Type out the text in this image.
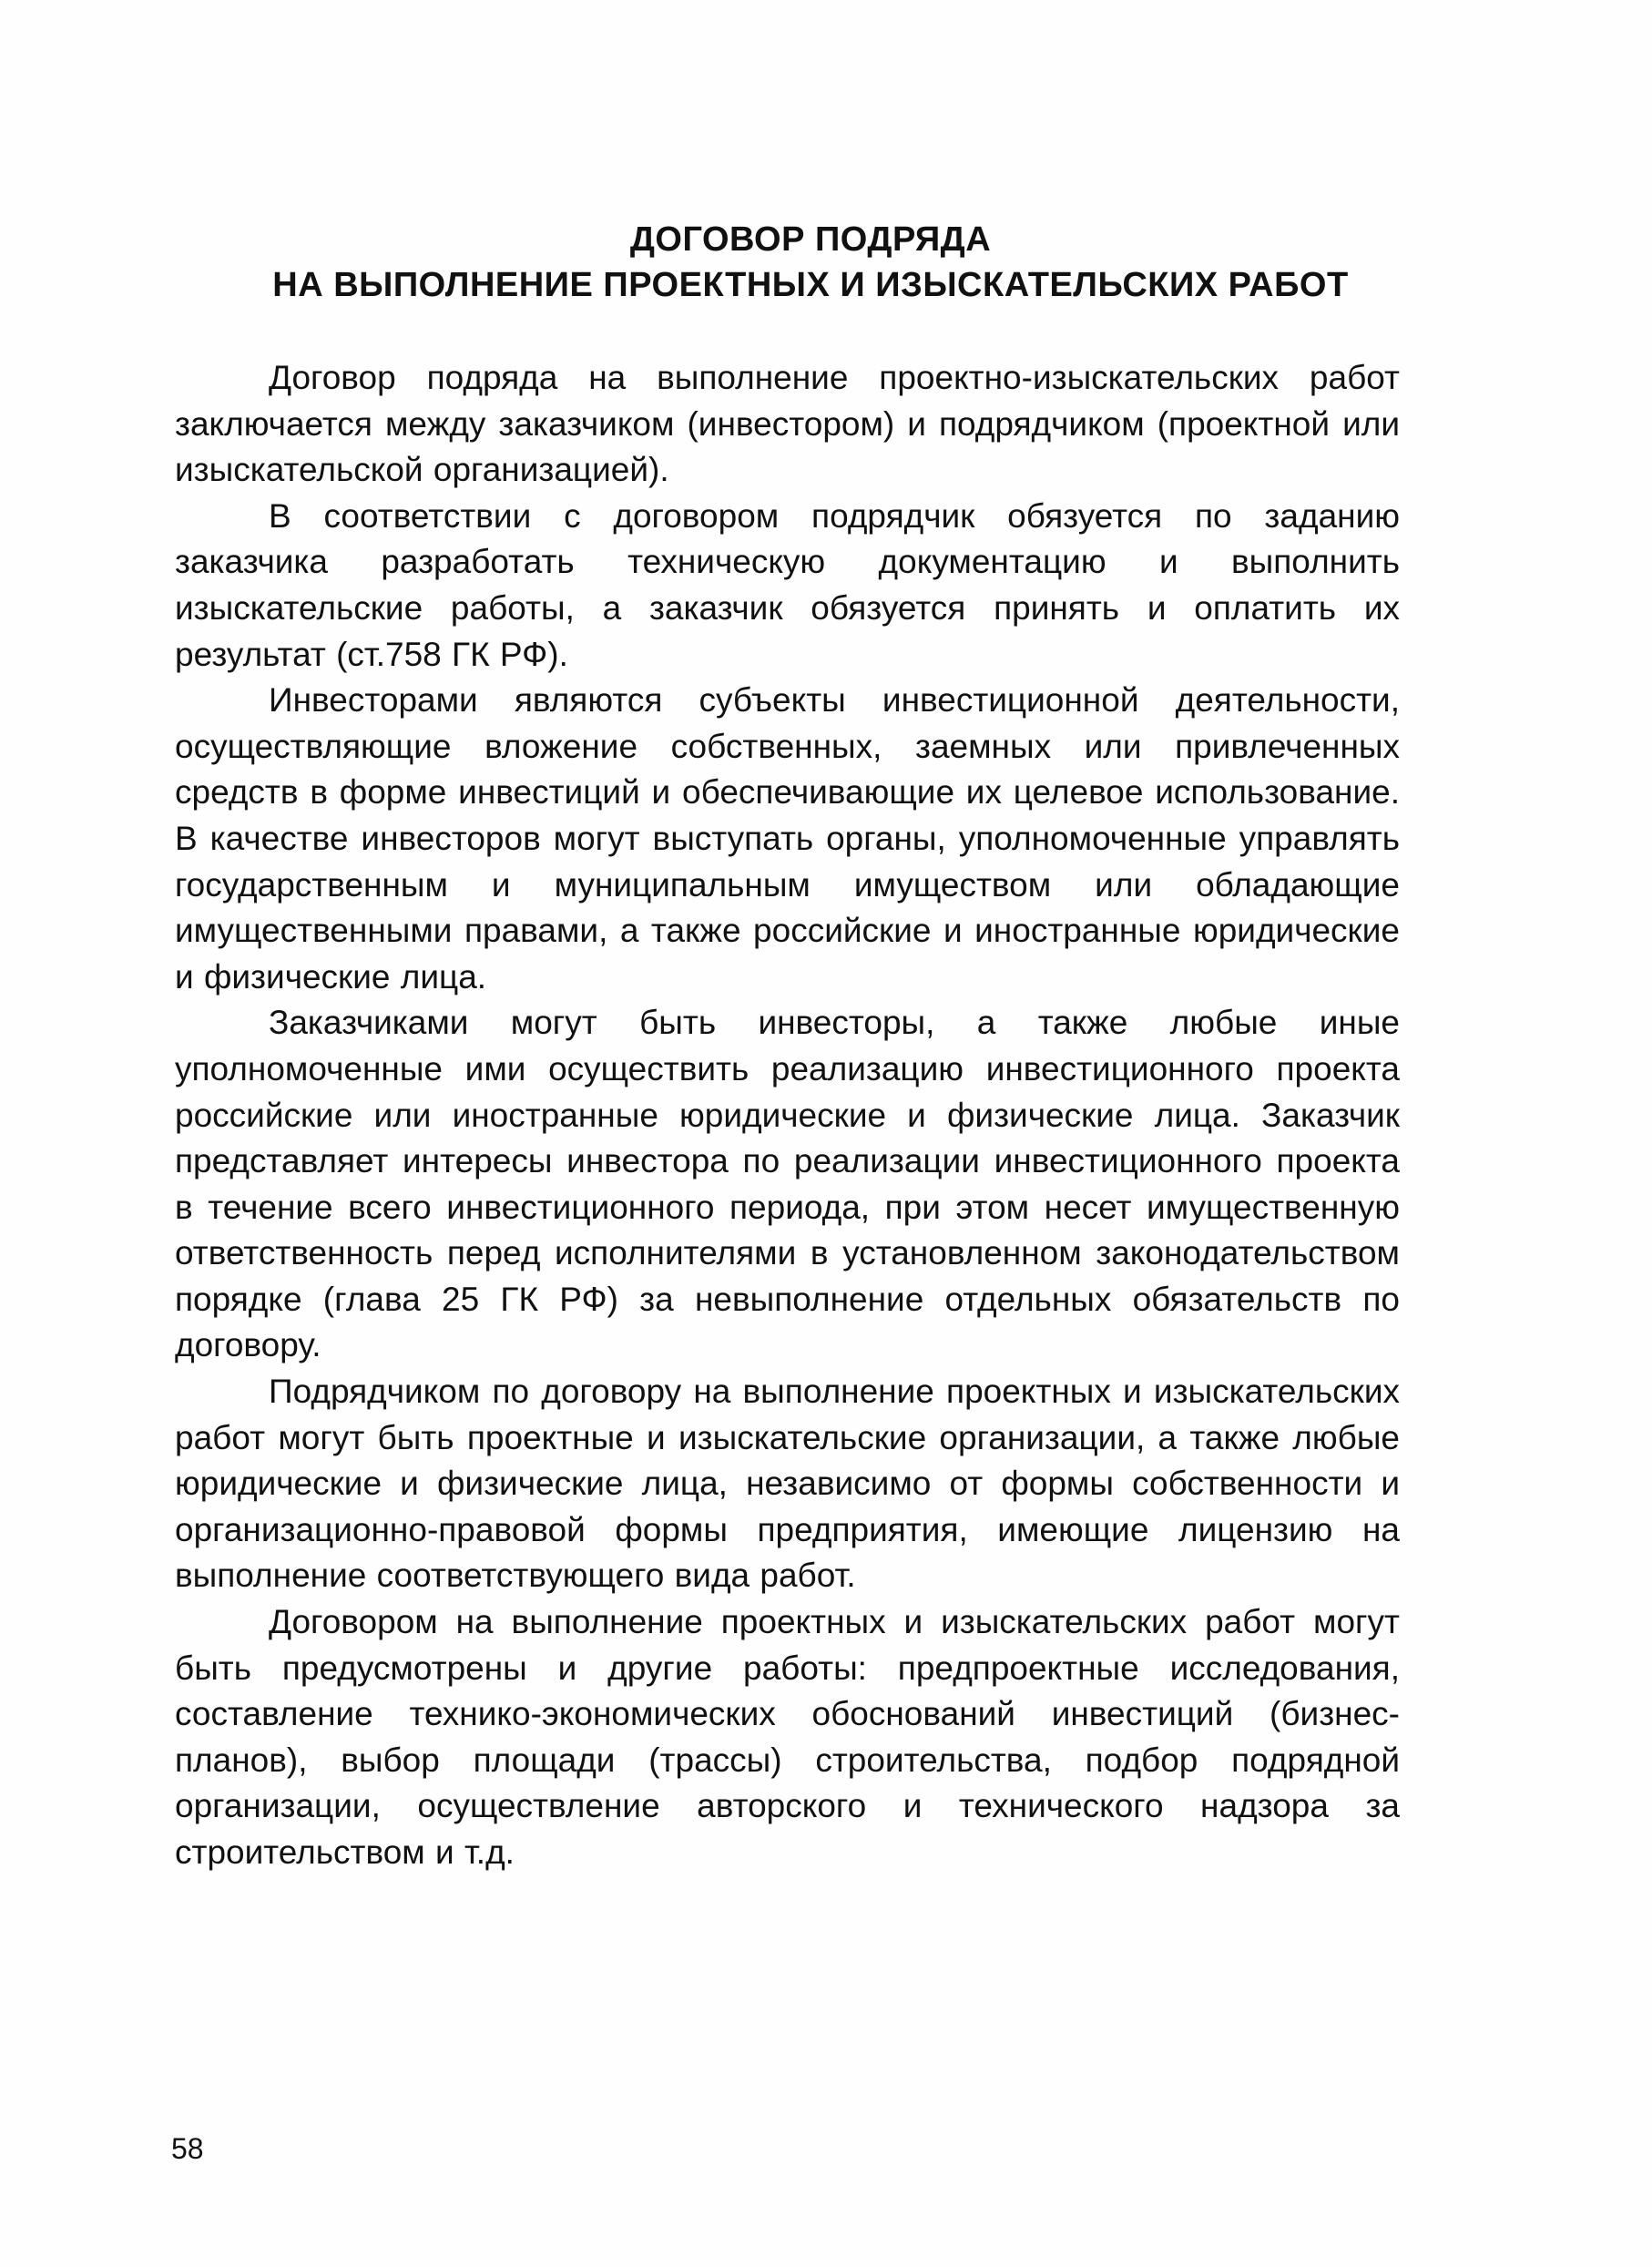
ДОГОВОР ПОДРЯДА
НА ВЫПОЛНЕНИЕ ПРОЕКТНЫХ И ИЗЫСКАТЕЛЬСКИХ РАБОТ

Договор подряда на выполнение проектно-изыскательских работ заключается между заказчиком (инвестором) и подрядчиком (проектной или изыскательской организацией).

В соответствии с договором подрядчик обязуется по заданию заказчика разработать техническую документацию и выполнить изыскательские работы, а заказчик обязуется принять и оплатить их результат (ст.758 ГК РФ).

Инвесторами являются субъекты инвестиционной деятельности, осуществляющие вложение собственных, заемных или привлеченных средств в форме инвестиций и обеспечивающие их целевое использование. В качестве инвесторов могут выступать органы, уполномоченные управлять государственным и муниципальным имуществом или обладающие имущественными правами, а также российские и иностранные юридические и физические лица.

Заказчиками могут быть инвесторы, а также любые иные уполномоченные ими осуществить реализацию инвестиционного проекта российские или иностранные юридические и физические лица. Заказчик представляет интересы инвестора по реализации инвестиционного проекта в течение всего инвестиционного периода, при этом несет имущественную ответственность перед исполнителями в установленном законодательством порядке (глава 25 ГК РФ) за невыполнение отдельных обязательств по договору.

Подрядчиком по договору на выполнение проектных и изыскательских работ могут быть проектные и изыскательские организации, а также любые юридические и физические лица, независимо от формы собственности и организационно-правовой формы предприятия, имеющие лицензию на выполнение соответствующего вида работ.

Договором на выполнение проектных и изыскательских работ могут быть предусмотрены и другие работы: предпроектные исследования, составление технико-экономических обоснований инвестиций (бизнес-планов), выбор площади (трассы) строительства, подбор подрядной организации, осуществление авторского и технического надзора за строительством и т.д.

58
